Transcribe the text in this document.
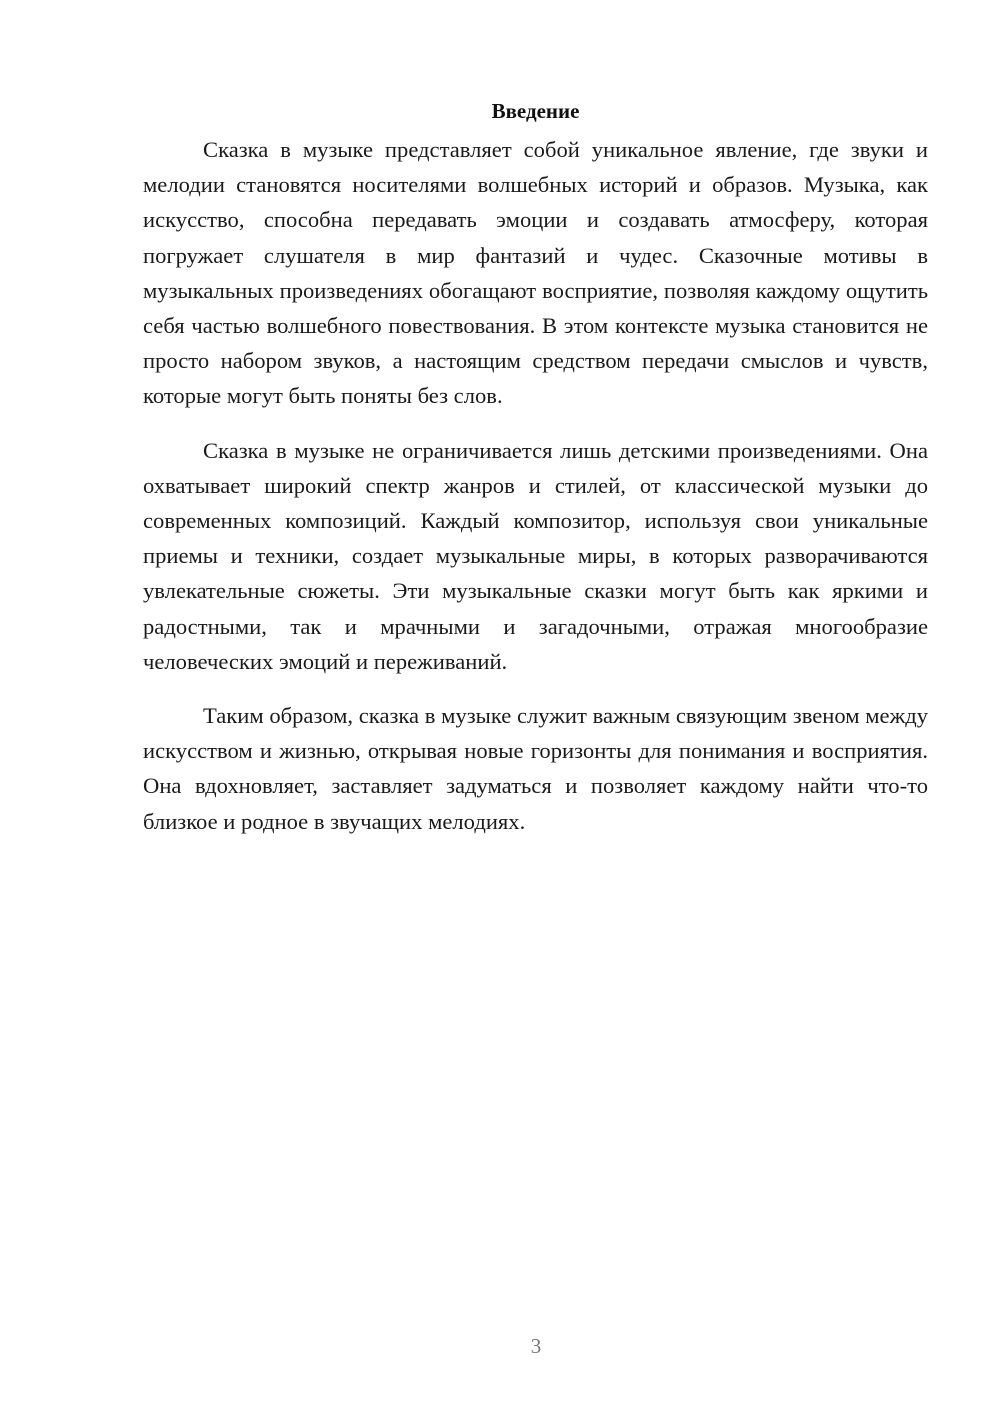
Введение

Сказка в музыке представляет собой уникальное явление, где звуки и мелодии становятся носителями волшебных историй и образов. Музыка, как искусство, способна передавать эмоции и создавать атмосферу, которая погружает слушателя в мир фантазий и чудес. Сказочные мотивы в музыкальных произведениях обогащают восприятие, позволяя каждому ощутить себя частью волшебного повествования. В этом контексте музыка становится не просто набором звуков, а настоящим средством передачи смыслов и чувств, которые могут быть поняты без слов.

Сказка в музыке не ограничивается лишь детскими произведениями. Она охватывает широкий спектр жанров и стилей, от классической музыки до современных композиций. Каждый композитор, используя свои уникальные приемы и техники, создает музыкальные миры, в которых разворачиваются увлекательные сюжеты. Эти музыкальные сказки могут быть как яркими и радостными, так и мрачными и загадочными, отражая многообразие человеческих эмоций и переживаний.

Таким образом, сказка в музыке служит важным связующим звеном между искусством и жизнью, открывая новые горизонты для понимания и восприятия. Она вдохновляет, заставляет задуматься и позволяет каждому найти что-то близкое и родное в звучащих мелодиях.

3
